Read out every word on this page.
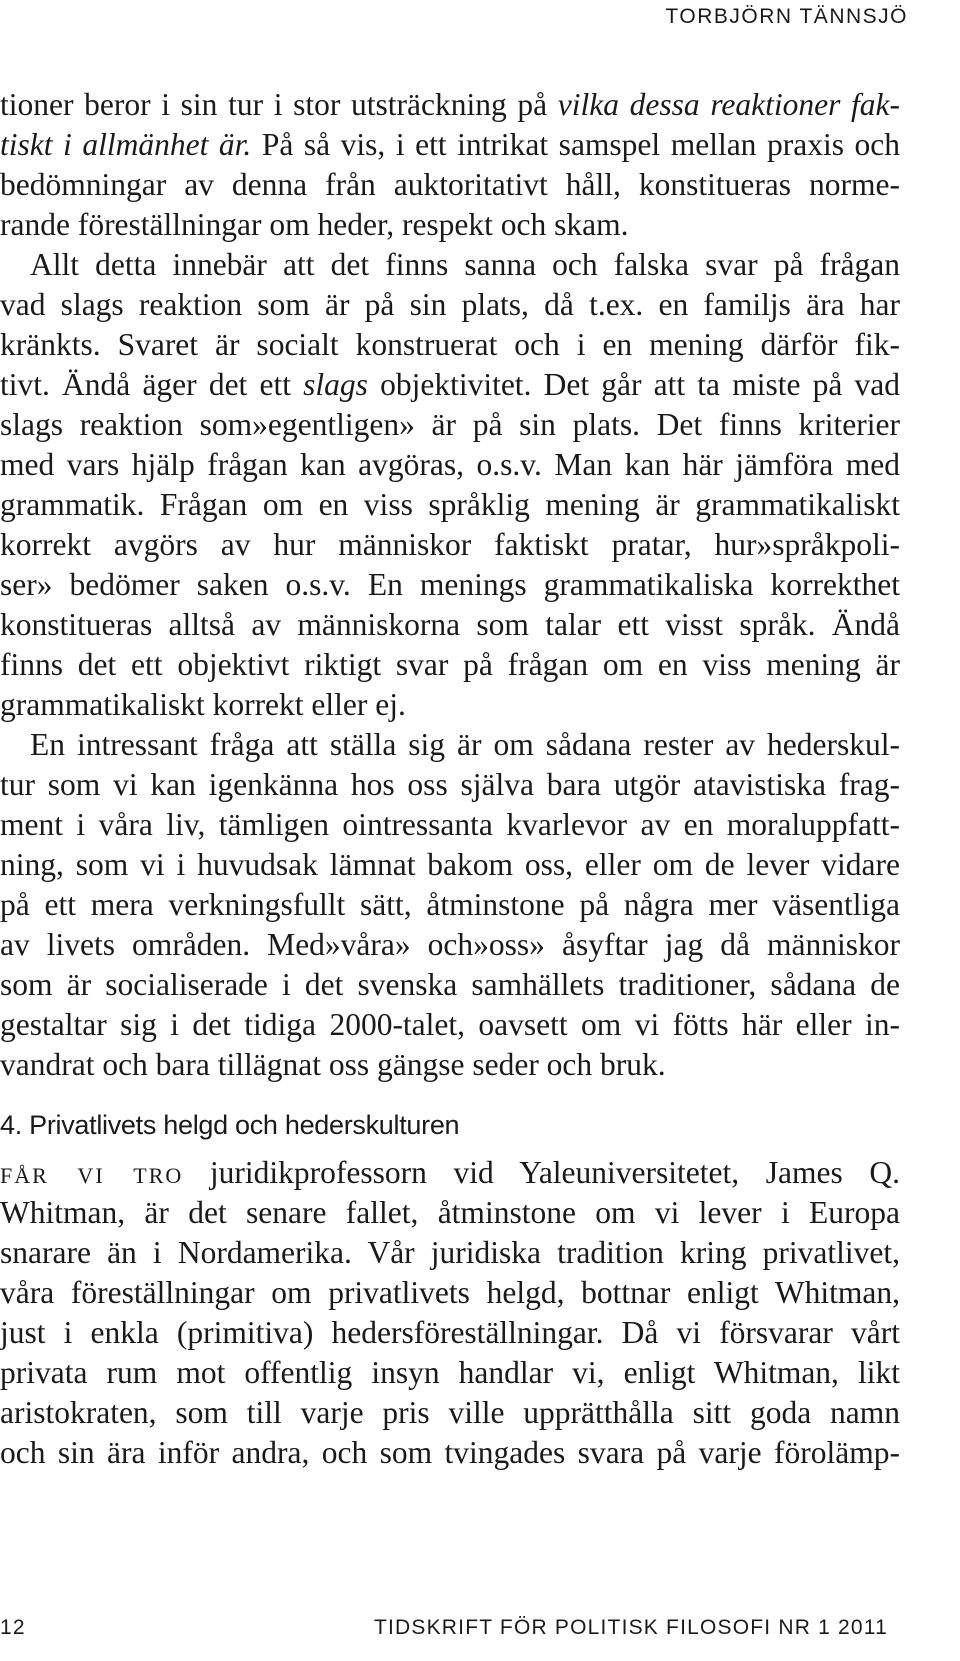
TORBJÖRN TÄNNSJÖ
tioner beror i sin tur i stor utsträckning på vilka dessa reaktioner fak-
tiskt i allmänhet är. På så vis, i ett intrikat samspel mellan praxis och
bedömningar av denna från auktoritativt håll, konstitueras norme-
rande föreställningar om heder, respekt och skam.
Allt detta innebär att det finns sanna och falska svar på frågan
vad slags reaktion som är på sin plats, då t.ex. en familjs ära har
kränkts. Svaret är socialt konstruerat och i en mening därför fik-
tivt. Ändå äger det ett slags objektivitet. Det går att ta miste på vad
slags reaktion som»egentligen» är på sin plats. Det finns kriterier
med vars hjälp frågan kan avgöras, o.s.v. Man kan här jämföra med
grammatik. Frågan om en viss språklig mening är grammatikaliskt
korrekt avgörs av hur människor faktiskt pratar, hur»språkpoli-
ser» bedömer saken o.s.v. En menings grammatikaliska korrekthet
konstitueras alltså av människorna som talar ett visst språk. Ändå
finns det ett objektivt riktigt svar på frågan om en viss mening är
grammatikaliskt korrekt eller ej.
En intressant fråga att ställa sig är om sådana rester av hederskul-
tur som vi kan igenkänna hos oss själva bara utgör atavistiska frag-
ment i våra liv, tämligen ointressanta kvarlevor av en moraluppfatt-
ning, som vi i huvudsak lämnat bakom oss, eller om de lever vidare
på ett mera verkningsfullt sätt, åtminstone på några mer väsentliga
av livets områden. Med»våra» och»oss» åsyftar jag då människor
som är socialiserade i det svenska samhällets traditioner, sådana de
gestaltar sig i det tidiga 2000-talet, oavsett om vi fötts här eller in-
vandrat och bara tillägnat oss gängse seder och bruk.
4. Privatlivets helgd och hederskulturen
får vi tro juridikprofessorn vid Yaleuniversitetet, James Q.
Whitman, är det senare fallet, åtminstone om vi lever i Europa
snarare än i Nordamerika. Vår juridiska tradition kring privatlivet,
våra föreställningar om privatlivets helgd, bottnar enligt Whitman,
just i enkla (primitiva) hedersföreställningar. Då vi försvarar vårt
privata rum mot offentlig insyn handlar vi, enligt Whitman, likt
aristokraten, som till varje pris ville upprätthålla sitt goda namn
och sin ära inför andra, och som tvingades svara på varje förolämp-
12	TIDSKRIFT FÖR POLITISK FILOSOFI NR 1 2011
